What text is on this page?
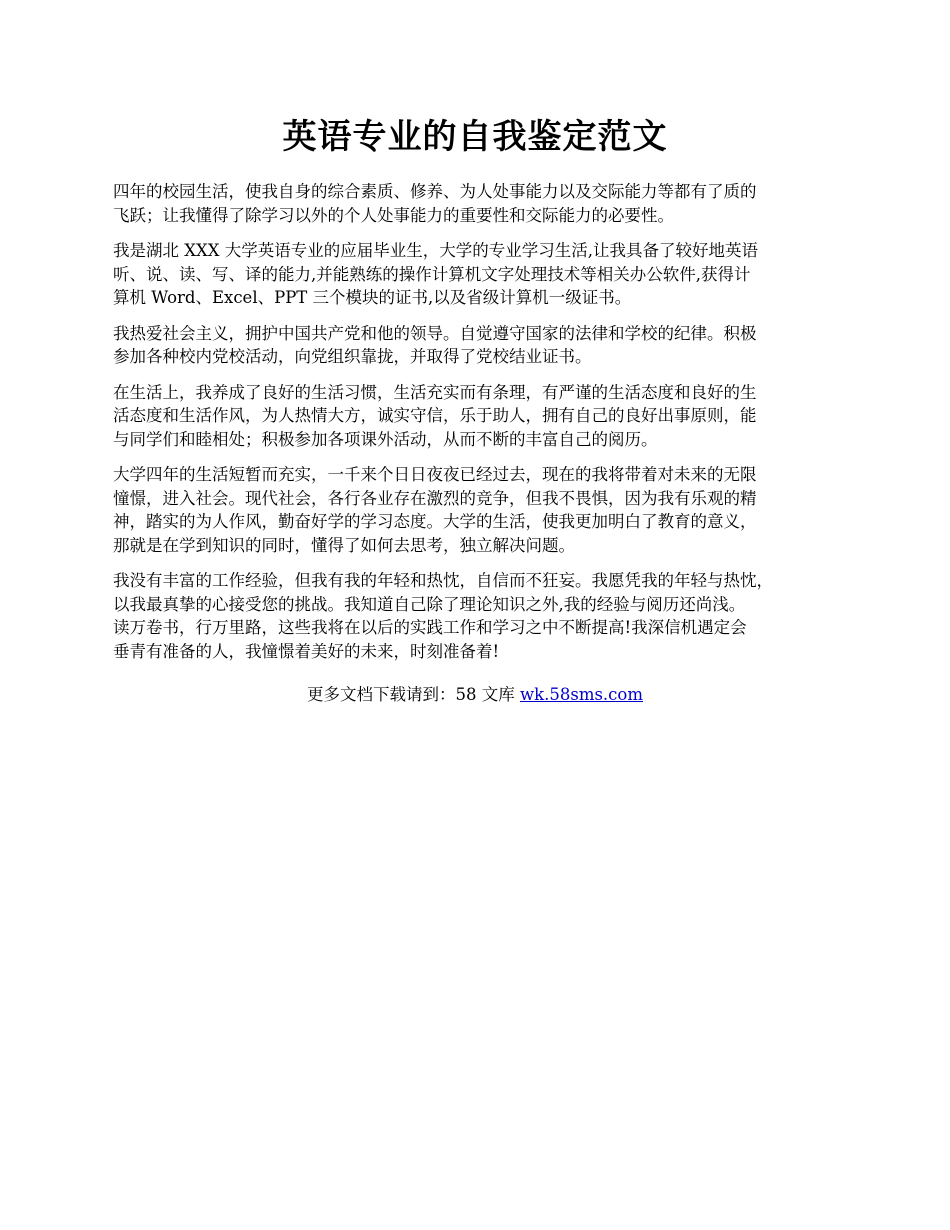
英语专业的自我鉴定范文

四年的校园生活，使我自身的综合素质、修养、为人处事能力以及交际能力等都有了质的
飞跃；让我懂得了除学习以外的个人处事能力的重要性和交际能力的必要性。

我是湖北 XXX 大学英语专业的应届毕业生，大学的专业学习生活,让我具备了较好地英语
听、说、读、写、译的能力,并能熟练的操作计算机文字处理技术等相关办公软件,获得计
算机 Word、Excel、PPT 三个模块的证书,以及省级计算机一级证书。

我热爱社会主义，拥护中国共产党和他的领导。自觉遵守国家的法律和学校的纪律。积极
参加各种校内党校活动，向党组织靠拢，并取得了党校结业证书。

在生活上，我养成了良好的生活习惯，生活充实而有条理，有严谨的生活态度和良好的生
活态度和生活作风，为人热情大方，诚实守信，乐于助人，拥有自己的良好出事原则，能
与同学们和睦相处；积极参加各项课外活动，从而不断的丰富自己的阅历。

大学四年的生活短暂而充实，一千来个日日夜夜已经过去，现在的我将带着对未来的无限
憧憬，进入社会。现代社会，各行各业存在激烈的竞争，但我不畏惧，因为我有乐观的精
神，踏实的为人作风，勤奋好学的学习态度。大学的生活，使我更加明白了教育的意义，
那就是在学到知识的同时，懂得了如何去思考，独立解决问题。

我没有丰富的工作经验，但我有我的年轻和热忱，自信而不狂妄。我愿凭我的年轻与热忱，
以我最真挚的心接受您的挑战。我知道自己除了理论知识之外,我的经验与阅历还尚浅。
读万卷书，行万里路，这些我将在以后的实践工作和学习之中不断提高!我深信机遇定会
垂青有准备的人，我憧憬着美好的未来，时刻准备着!

更多文档下载请到：58 文库 wk.58sms.com
